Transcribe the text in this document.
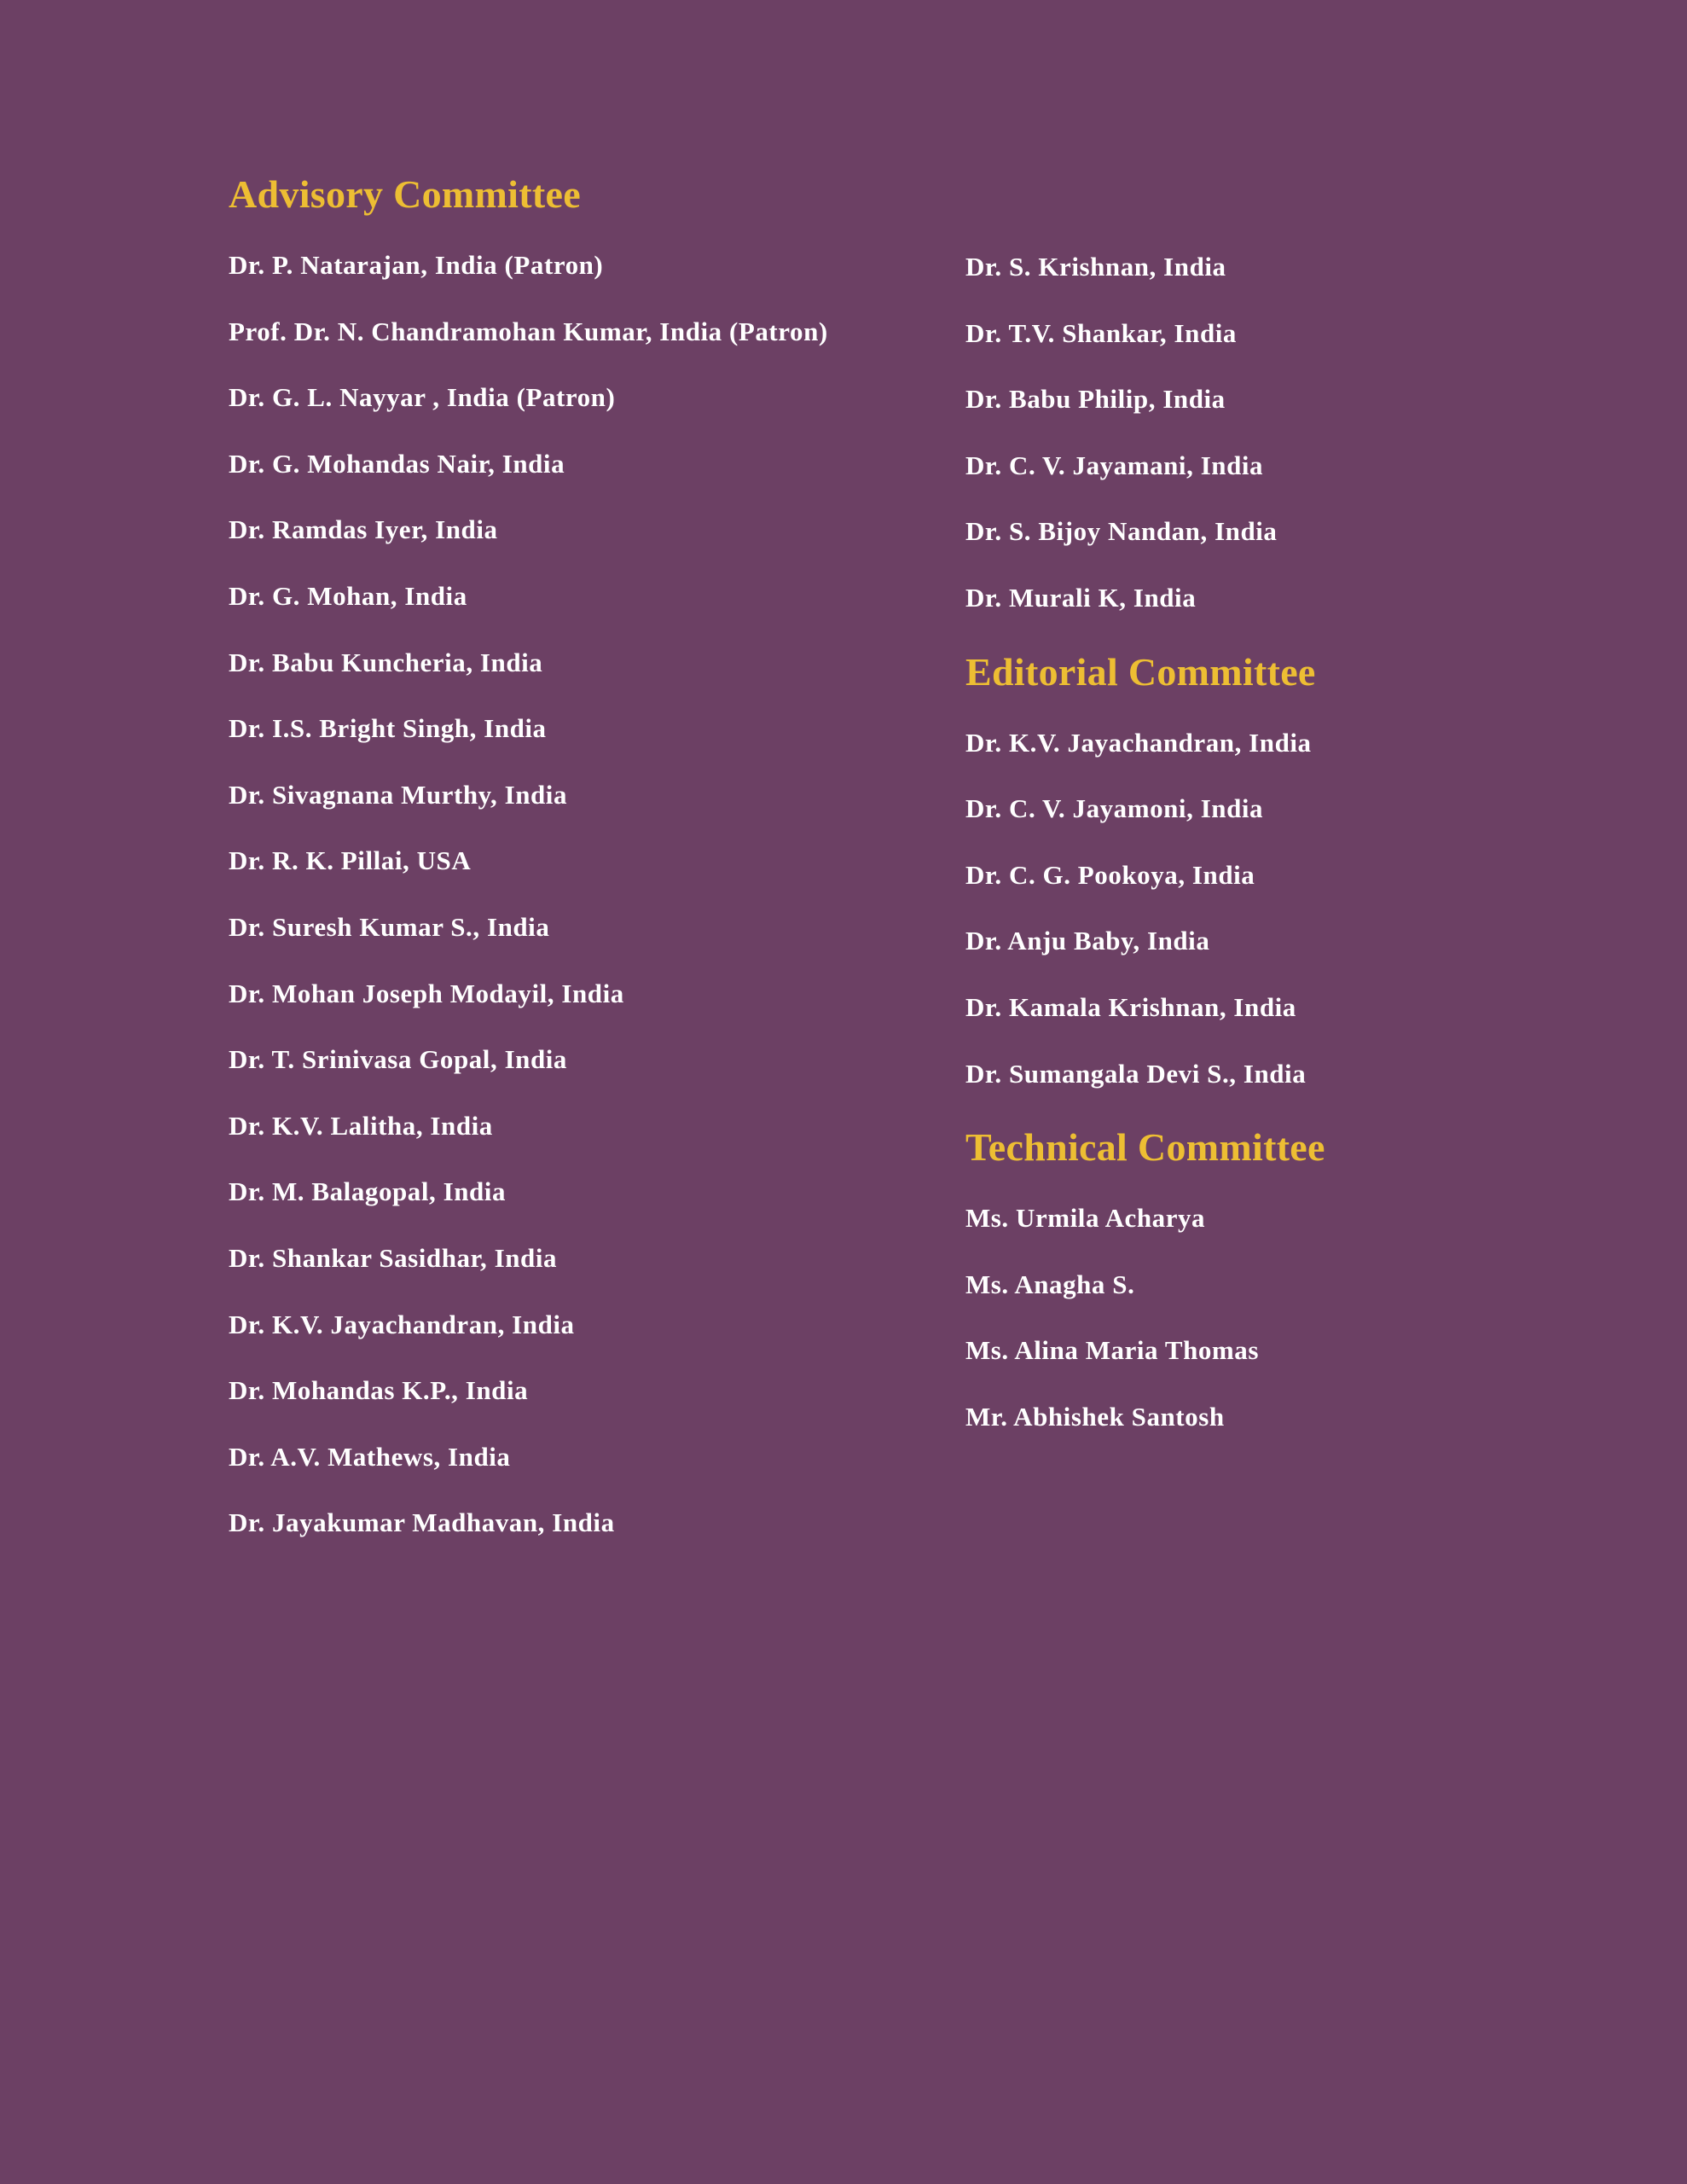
Advisory Committee
Dr. P. Natarajan, India (Patron)
Prof. Dr. N. Chandramohan Kumar, India (Patron)
Dr. G. L. Nayyar , India (Patron)
Dr. G. Mohandas Nair, India
Dr. Ramdas Iyer, India
Dr. G. Mohan, India
Dr. Babu Kuncheria, India
Dr. I.S. Bright Singh, India
Dr. Sivagnana Murthy, India
Dr. R. K. Pillai, USA
Dr. Suresh Kumar S., India
Dr. Mohan Joseph Modayil, India
Dr. T. Srinivasa Gopal, India
Dr. K.V. Lalitha, India
Dr. M. Balagopal, India
Dr. Shankar Sasidhar, India
Dr. K.V. Jayachandran, India
Dr. Mohandas K.P., India
Dr. A.V. Mathews, India
Dr. Jayakumar Madhavan, India
Dr. S. Krishnan, India
Dr. T.V. Shankar, India
Dr. Babu Philip, India
Dr. C. V. Jayamani, India
Dr. S. Bijoy Nandan, India
Dr. Murali K, India
Editorial Committee
Dr. K.V. Jayachandran, India
Dr. C. V. Jayamoni, India
Dr. C. G. Pookoya, India
Dr. Anju Baby, India
Dr. Kamala Krishnan, India
Dr. Sumangala Devi S., India
Technical Committee
Ms. Urmila Acharya
Ms. Anagha S.
Ms. Alina Maria Thomas
Mr. Abhishek Santosh
